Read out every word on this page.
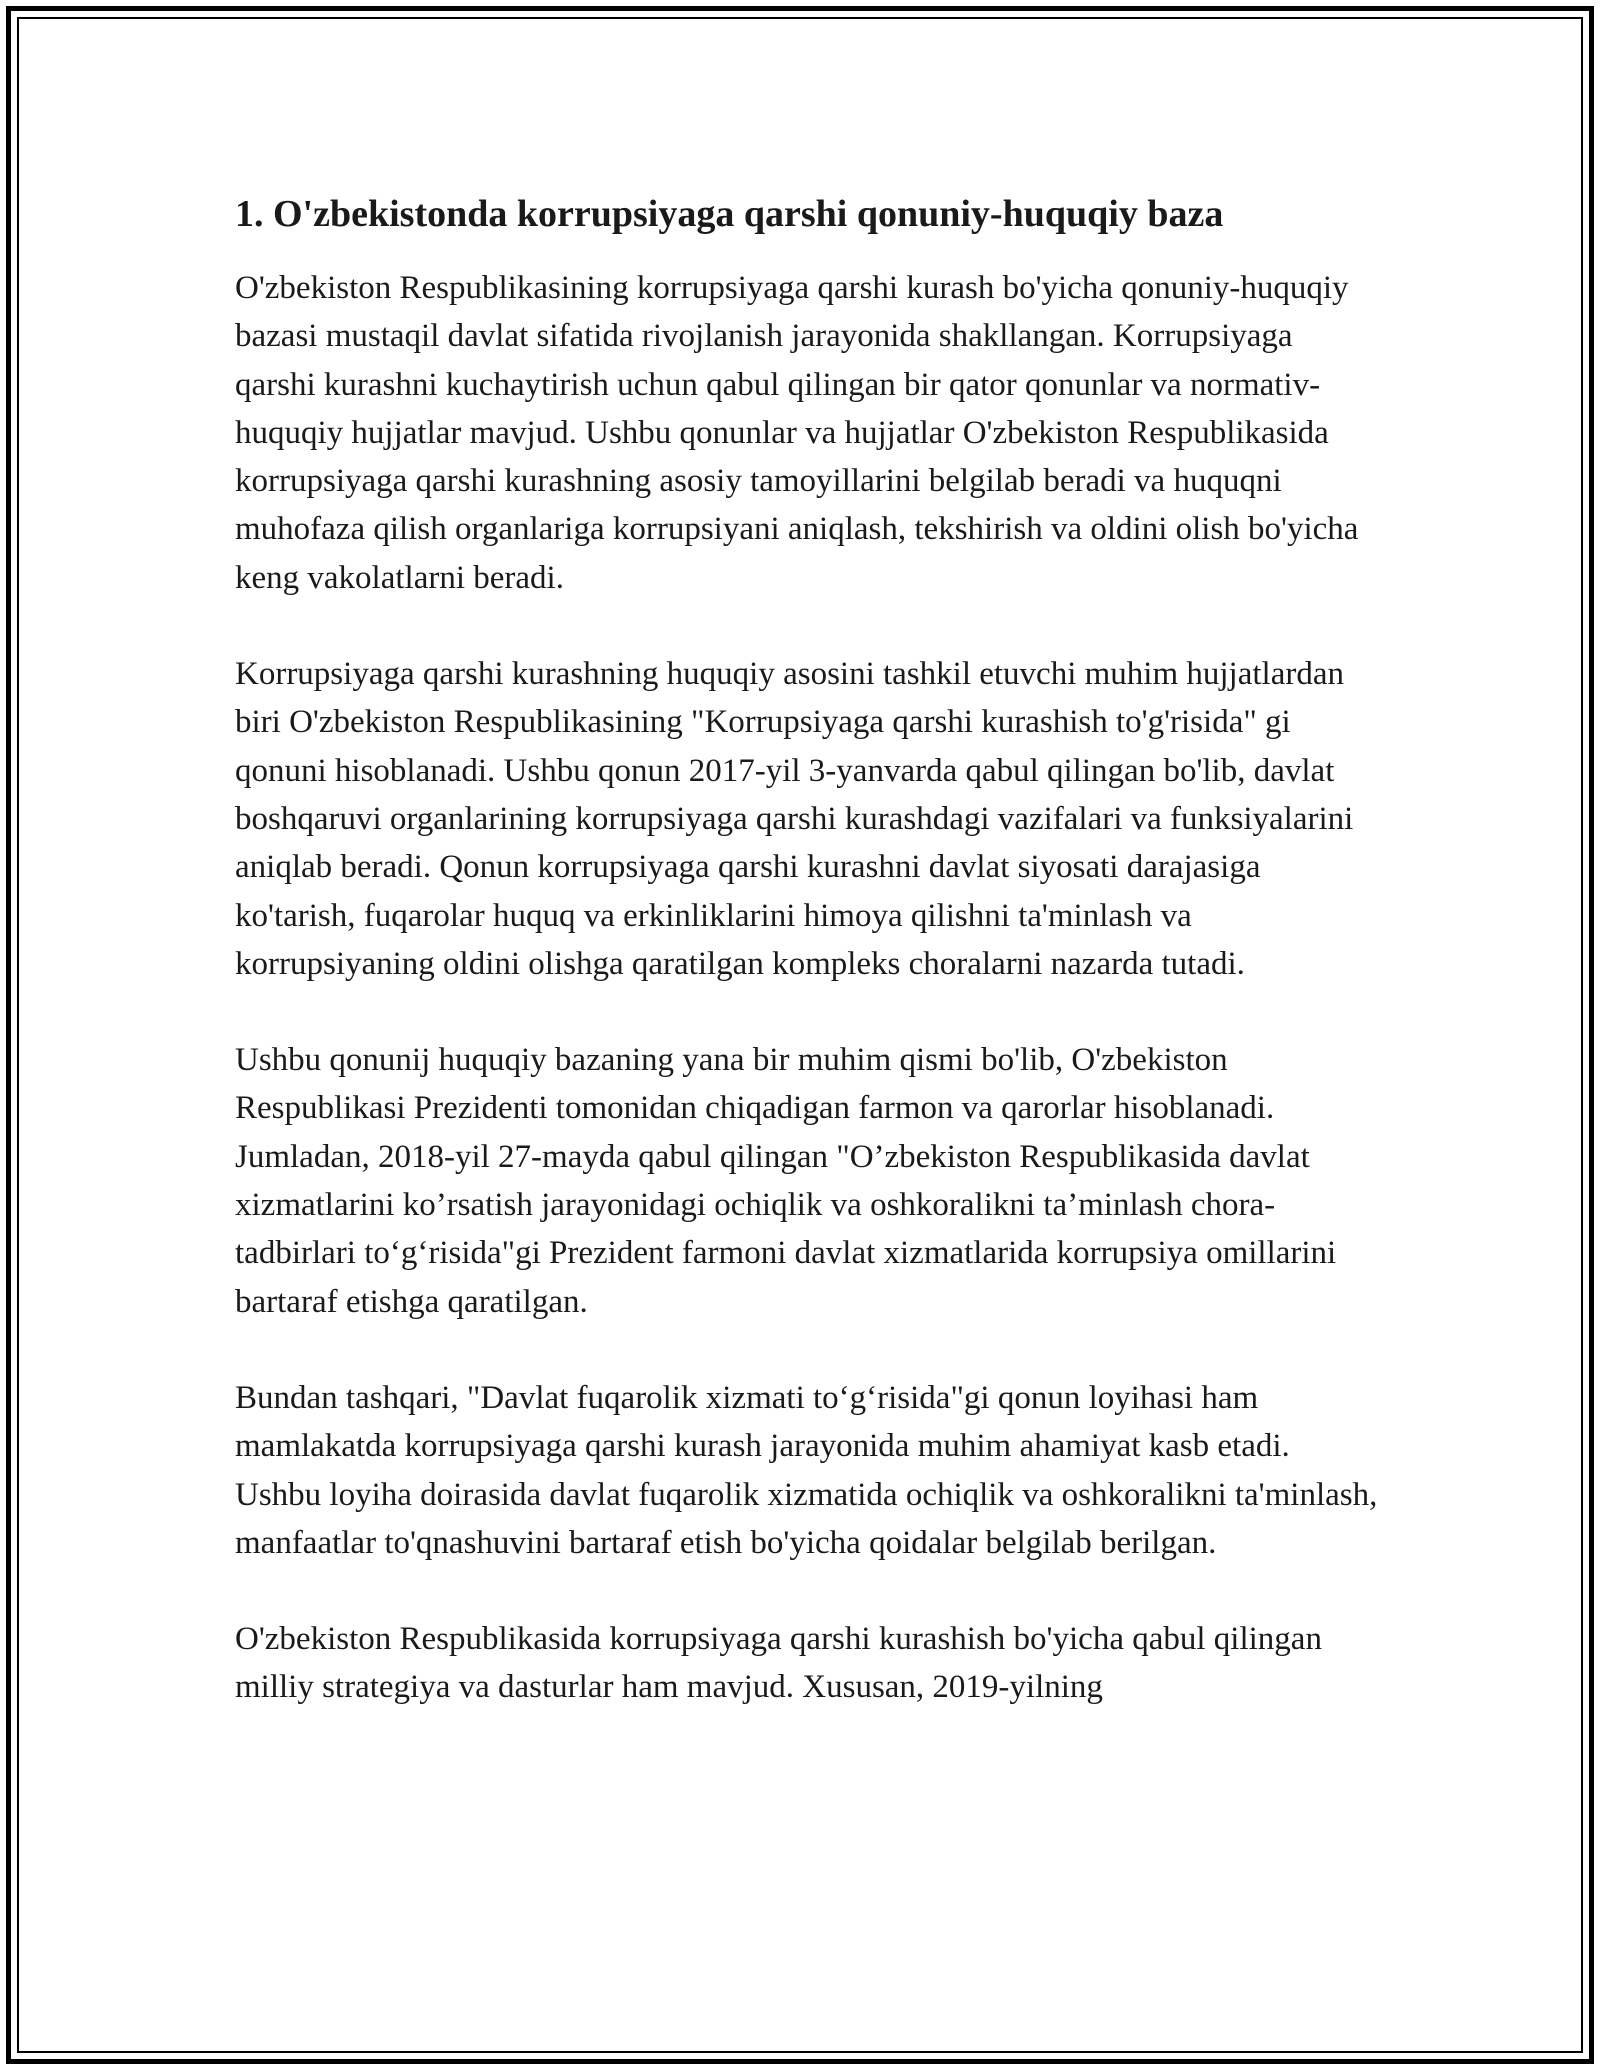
1. O'zbekistonda korrupsiyaga qarshi qonuniy-huquqiy baza

O'zbekiston Respublikasining korrupsiyaga qarshi kurash bo'yicha qonuniy-huquqiy bazasi mustaqil davlat sifatida rivojlanish jarayonida shakllangan. Korrupsiyaga qarshi kurashni kuchaytirish uchun qabul qilingan bir qator qonunlar va normativ-huquqiy hujjatlar mavjud. Ushbu qonunlar va hujjatlar O'zbekiston Respublikasida korrupsiyaga qarshi kurashning asosiy tamoyillarini belgilab beradi va huquqni muhofaza qilish organlariga korrupsiyani aniqlash, tekshirish va oldini olish bo'yicha keng vakolatlarni beradi.

Korrupsiyaga qarshi kurashning huquqiy asosini tashkil etuvchi muhim hujjatlardan biri O'zbekiston Respublikasining "Korrupsiyaga qarshi kurashish to'g'risida" gi qonuni hisoblanadi. Ushbu qonun 2017-yil 3-yanvarda qabul qilingan bo'lib, davlat boshqaruvi organlarining korrupsiyaga qarshi kurashdagi vazifalari va funksiyalarini aniqlab beradi. Qonun korrupsiyaga qarshi kurashni davlat siyosati darajasiga ko'tarish, fuqarolar huquq va erkinliklarini himoya qilishni ta'minlash va korrupsiyaning oldini olishga qaratilgan kompleks choralarni nazarda tutadi.

Ushbu qonunij huquqiy bazaning yana bir muhim qismi bo'lib, O'zbekiston Respublikasi Prezidenti tomonidan chiqadigan farmon va qarorlar hisoblanadi. Jumladan, 2018-yil 27-mayda qabul qilingan "O’zbekiston Respublikasida davlat xizmatlarini ko’rsatish jarayonidagi ochiqlik va oshkoralikni ta’minlash chora-tadbirlari to‘g‘risida"gi Prezident farmoni davlat xizmatlarida korrupsiya omillarini bartaraf etishga qaratilgan.

Bundan tashqari, "Davlat fuqarolik xizmati to‘g‘risida"gi qonun loyihasi ham mamlakatda korrupsiyaga qarshi kurash jarayonida muhim ahamiyat kasb etadi. Ushbu loyiha doirasida davlat fuqarolik xizmatida ochiqlik va oshkoralikni ta'minlash, manfaatlar to'qnashuvini bartaraf etish bo'yicha qoidalar belgilab berilgan.

O'zbekiston Respublikasida korrupsiyaga qarshi kurashish bo'yicha qabul qilingan milliy strategiya va dasturlar ham mavjud. Xususan, 2019-yilning
